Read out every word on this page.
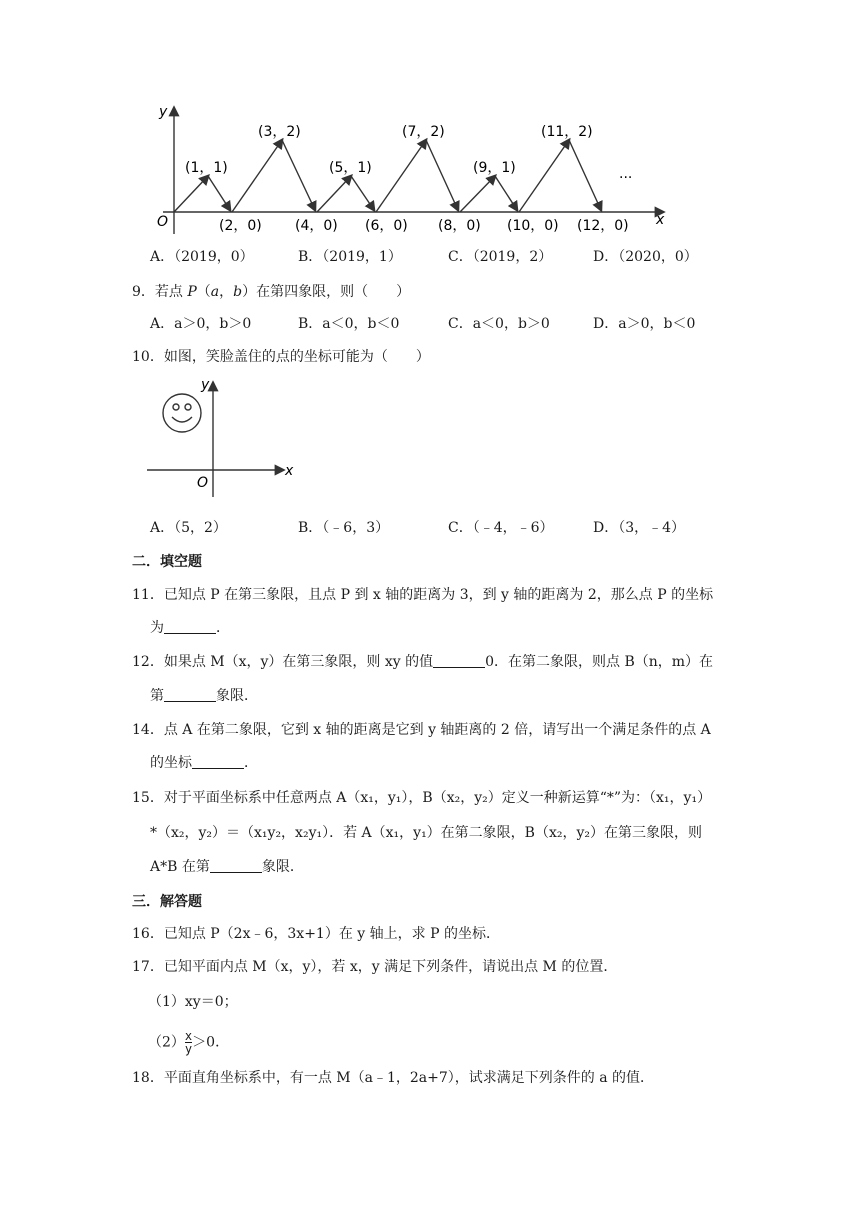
y
x
O
(1，1)
(3，2)
(5，1)
(7，2)
(9，1)
(11，2)
(2，0) (4，0) (6，0) (8，0) (10，0) (12，0)
···
A．（2019，0）	B．（2019，1）	C．（2019，2）	D．（2020，0）
9．若点 P（a，b）在第四象限，则（　　）
A．a＞0，b＞0	B．a＜0，b＜0	C．a＜0，b＞0	D．a＞0，b＜0
10．如图，笑脸盖住的点的坐标可能为（　　）
y
x
O
A．（5，2）	B．（﹣6，3）	C．（﹣4，﹣6）	D．（3，﹣4）
二．填空题
11．已知点 P 在第三象限，且点 P 到 x 轴的距离为 3，到 y 轴的距离为 2，那么点 P 的坐标
为	．
12．如果点 M（x，y）在第三象限，则 xy 的值	0．在第二象限，则点 B（n，m）在
第	象限．
14．点 A 在第二象限，它到 x 轴的距离是它到 y 轴距离的 2 倍，请写出一个满足条件的点 A
的坐标	．
15．对于平面坐标系中任意两点 A（x₁，y₁），B（x₂，y₂）定义一种新运算“*”为：（x₁，y₁）
*（x₂，y₂）＝（x₁y₂，x₂y₁）．若 A（x₁，y₁）在第二象限，B（x₂，y₂）在第三象限，则
A*B 在第	象限．
三．解答题
16．已知点 P（2x﹣6，3x+1）在 y 轴上，求 P 的坐标．
17．已知平面内点 M（x，y），若 x，y 满足下列条件，请说出点 M 的位置．
（1）xy＝0；
$(2) \frac{x}{y} >0$．
18．平面直角坐标系中，有一点 M（a﹣1，2a+7），试求满足下列条件的 a 的值．
